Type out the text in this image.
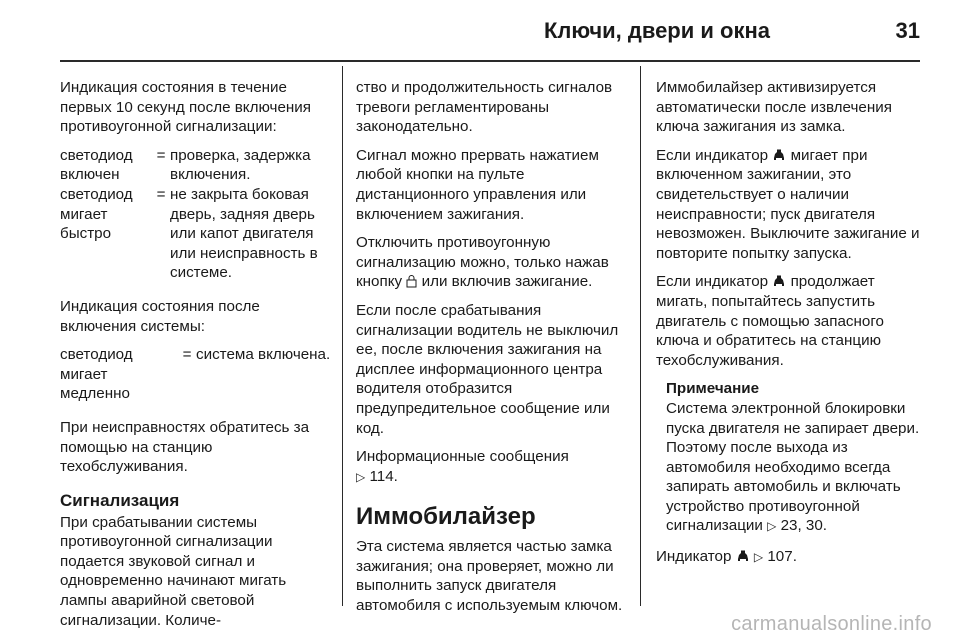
Ключи, двери и окна	31

Индикация состояния в течение первых 10 секунд после включения противоугонной сигнализации:

светодиод включен
= проверка, задержка включения.
светодиод мигает быстро
= не закрыта боковая дверь, задняя дверь или капот двигателя или неисправность в системе.

Индикация состояния после включения системы:

светодиод мигает медленно
= система включена.

При неисправностях обратитесь за помощью на станцию техобслуживания.

Сигнализация

При срабатывании системы противоугонной сигнализации подается звуковой сигнал и одновременно начинают мигать лампы аварийной световой сигнализации. Количе-

ство и продолжительность сигналов тревоги регламентированы законодательно.

Сигнал можно прервать нажатием любой кнопки на пульте дистанционного управления или включением зажигания.

Отключить противоугонную сигнализацию можно, только нажав кнопку или включив зажигание.

Если после срабатывания сигнализации водитель не выключил ее, после включения зажигания на дисплее информационного центра водителя отобразится предупредительное сообщение или код.

Информационные сообщения
▷ 114.

Иммобилайзер

Эта система является частью замка зажигания; она проверяет, можно ли выполнить запуск двигателя автомобиля с используемым ключом.

Иммобилайзер активизируется автоматически после извлечения ключа зажигания из замка.

Если индикатор мигает при включенном зажигании, это свидетельствует о наличии неисправности; пуск двигателя невозможен. Выключите зажигание и повторите попытку запуска.

Если индикатор продолжает мигать, попытайтесь запустить двигатель с помощью запасного ключа и обратитесь на станцию техобслуживания.

Примечание
Система электронной блокировки пуска двигателя не запирает двери. Поэтому после выхода из автомобиля необходимо всегда запирать автомобиль и включать устройство противоугонной сигнализации ▷ 23, 30.

Индикатор ▷ 107.

carmanualsonline.info
